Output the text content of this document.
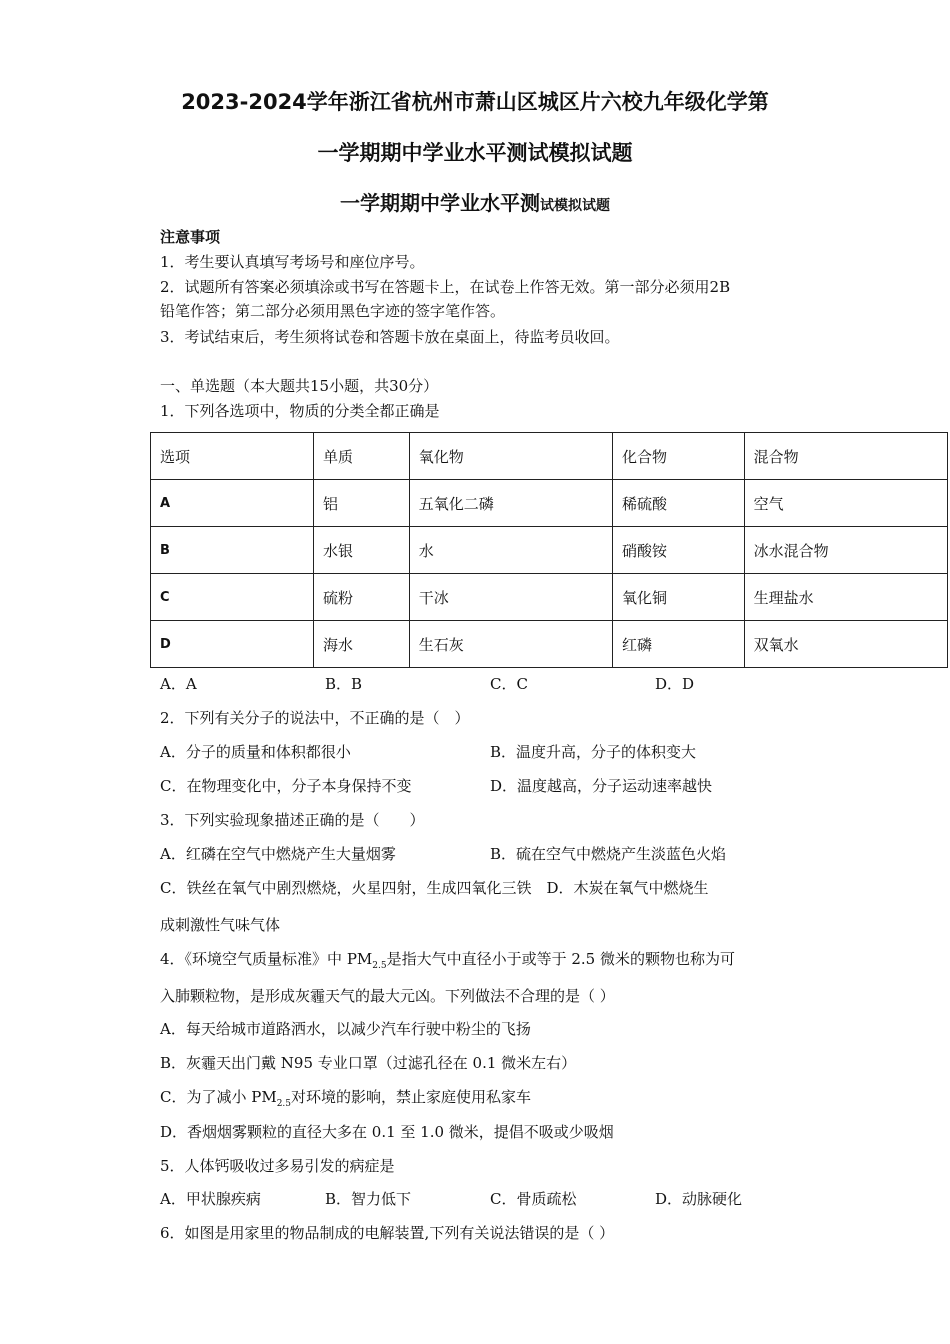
2023-2024学年浙江省杭州市萧山区城区片六校九年级化学第
一学期期中学业水平测试模拟试题
一学期期中学业水平测试模拟试题
注意事项
1．考生要认真填写考场号和座位序号。
2．试题所有答案必须填涂或书写在答题卡上，在试卷上作答无效。第一部分必须用2B
铅笔作答；第二部分必须用黑色字迹的签字笔作答。
3．考试结束后，考生须将试卷和答题卡放在桌面上，待监考员收回。
一、单选题（本大题共15小题，共30分）
1．下列各选项中，物质的分类全都正确是
选项	单质	氧化物	化合物	混合物
A	铝	五氧化二磷	稀硫酸	空气
B	水银	水	硝酸铵	冰水混合物
C	硫粉	干冰	氧化铜	生理盐水
D	海水	生石灰	红磷	双氧水
A．A	B．B	C．C	D．D
2．下列有关分子的说法中，不正确的是（　）
A．分子的质量和体积都很小	B．温度升高，分子的体积变大
C．在物理变化中，分子本身保持不变	D．温度越高，分子运动速率越快
3．下列实验现象描述正确的是（　　）
A．红磷在空气中燃烧产生大量烟雾	B．硫在空气中燃烧产生淡蓝色火焰
C．铁丝在氧气中剧烈燃烧，火星四射，生成四氧化三铁　D．木炭在氧气中燃烧生
成刺激性气味气体
4．《环境空气质量标准》中 $PM_{2.5}$是指大气中直径小于或等于 2.5 微米的颗物也称为可
入肺颗粒物，是形成灰霾天气的最大元凶。下列做法不合理的是（ ）
A．每天给城市道路洒水，以减少汽车行驶中粉尘的飞扬
B．灰霾天出门戴 N95 专业口罩（过滤孔径在 0.1 微米左右）
C．为了减小 $PM_{2.5}$对环境的影响，禁止家庭使用私家车
D．香烟烟雾颗粒的直径大多在 0.1 至 1.0 微米，提倡不吸或少吸烟
5．人体钙吸收过多易引发的病症是
A．甲状腺疾病	B．智力低下	C．骨质疏松	D．动脉硬化
6．如图是用家里的物品制成的电解装置,下列有关说法错误的是（ ）
